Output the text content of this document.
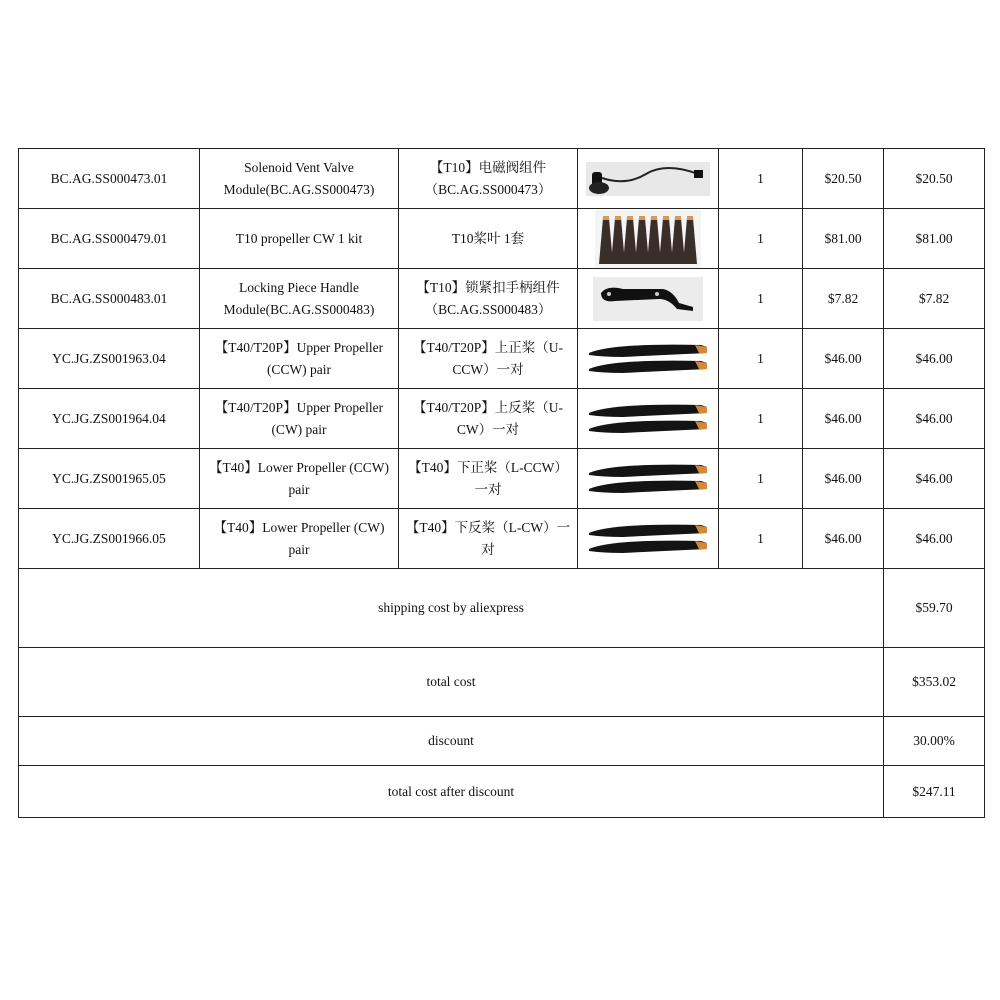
BC.AG.SS000473.01	Solenoid Vent Valve Module(BC.AG.SS000473)	【T10】电磁阀组件（BC.AG.SS000473）		1	$20.50	$20.50
BC.AG.SS000479.01	T10 propeller CW 1 kit	T10桨叶 1套		1	$81.00	$81.00
BC.AG.SS000483.01	Locking Piece Handle Module(BC.AG.SS000483)	【T10】锁紧扣手柄组件（BC.AG.SS000483）		1	$7.82	$7.82
YC.JG.ZS001963.04	【T40/T20P】Upper Propeller (CCW) pair	【T40/T20P】上正桨（U-CCW）一对		1	$46.00	$46.00
YC.JG.ZS001964.04	【T40/T20P】Upper Propeller (CW) pair	【T40/T20P】上反桨（U-CW）一对		1	$46.00	$46.00
YC.JG.ZS001965.05	【T40】Lower Propeller (CCW) pair	【T40】下正桨（L-CCW）一对		1	$46.00	$46.00
YC.JG.ZS001966.05	【T40】Lower Propeller (CW) pair	【T40】下反桨（L-CW）一对		1	$46.00	$46.00
shipping cost by aliexpress						$59.70
total cost						$353.02
discount						30.00%
total cost after discount						$247.11
